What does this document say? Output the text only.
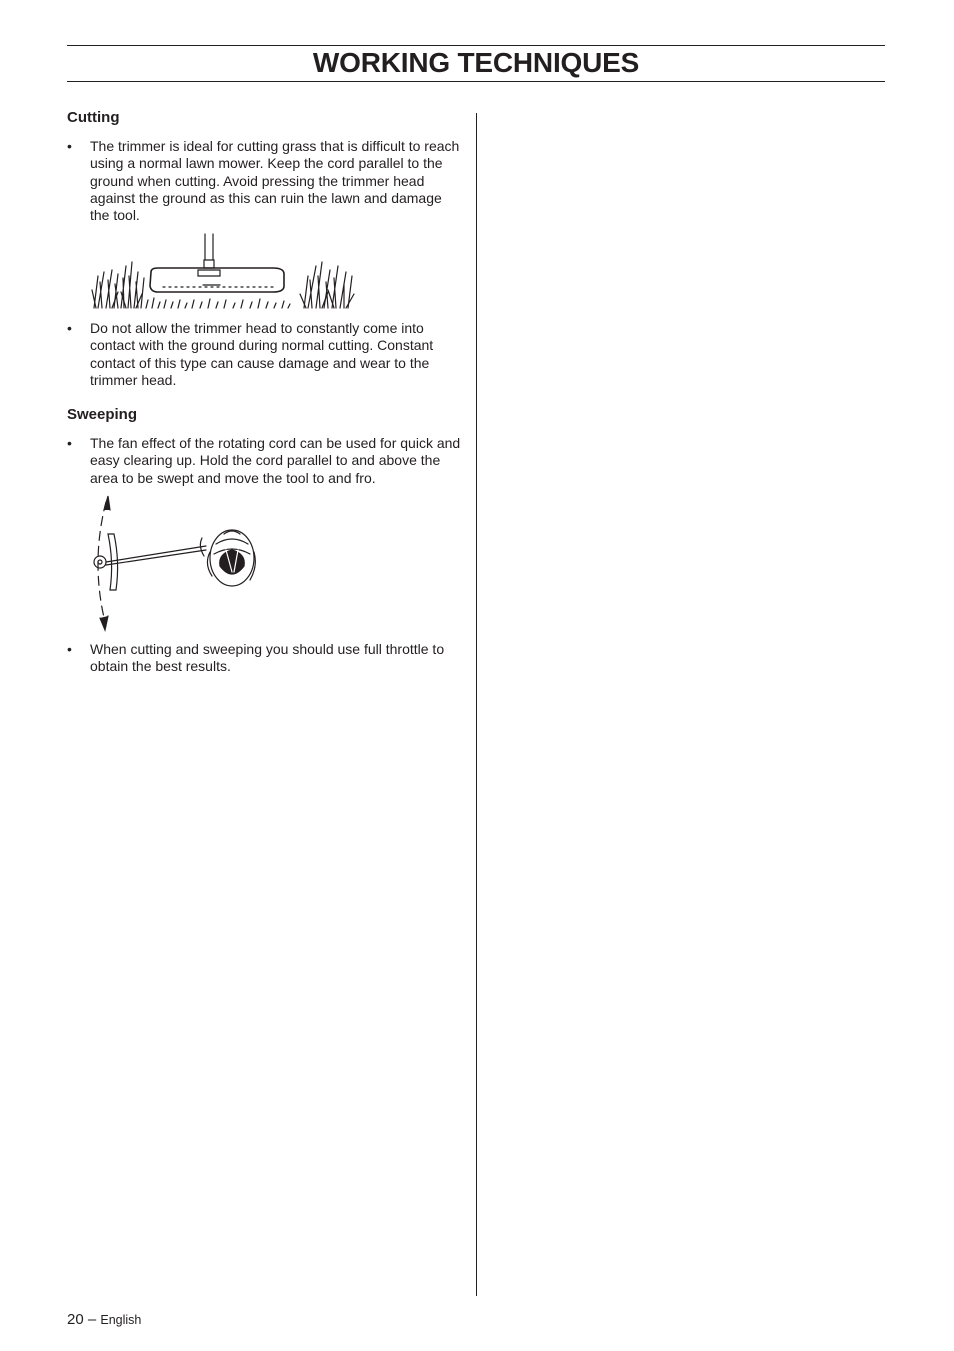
WORKING TECHNIQUES
Cutting
•	The trimmer is ideal for cutting grass that is difficult to reach using a normal lawn mower. Keep the cord parallel to the ground when cutting. Avoid pressing the trimmer head against the ground as this can ruin the lawn and damage the tool.
•	Do not allow the trimmer head to constantly come into contact with the ground during normal cutting. Constant contact of this type can cause damage and wear to the trimmer head.
Sweeping
•	The fan effect of the rotating cord can be used for quick and easy clearing up. Hold the cord parallel to and above the area to be swept and move the tool to and fro.
•	When cutting and sweeping you should use full throttle to obtain the best results.
20 – English
